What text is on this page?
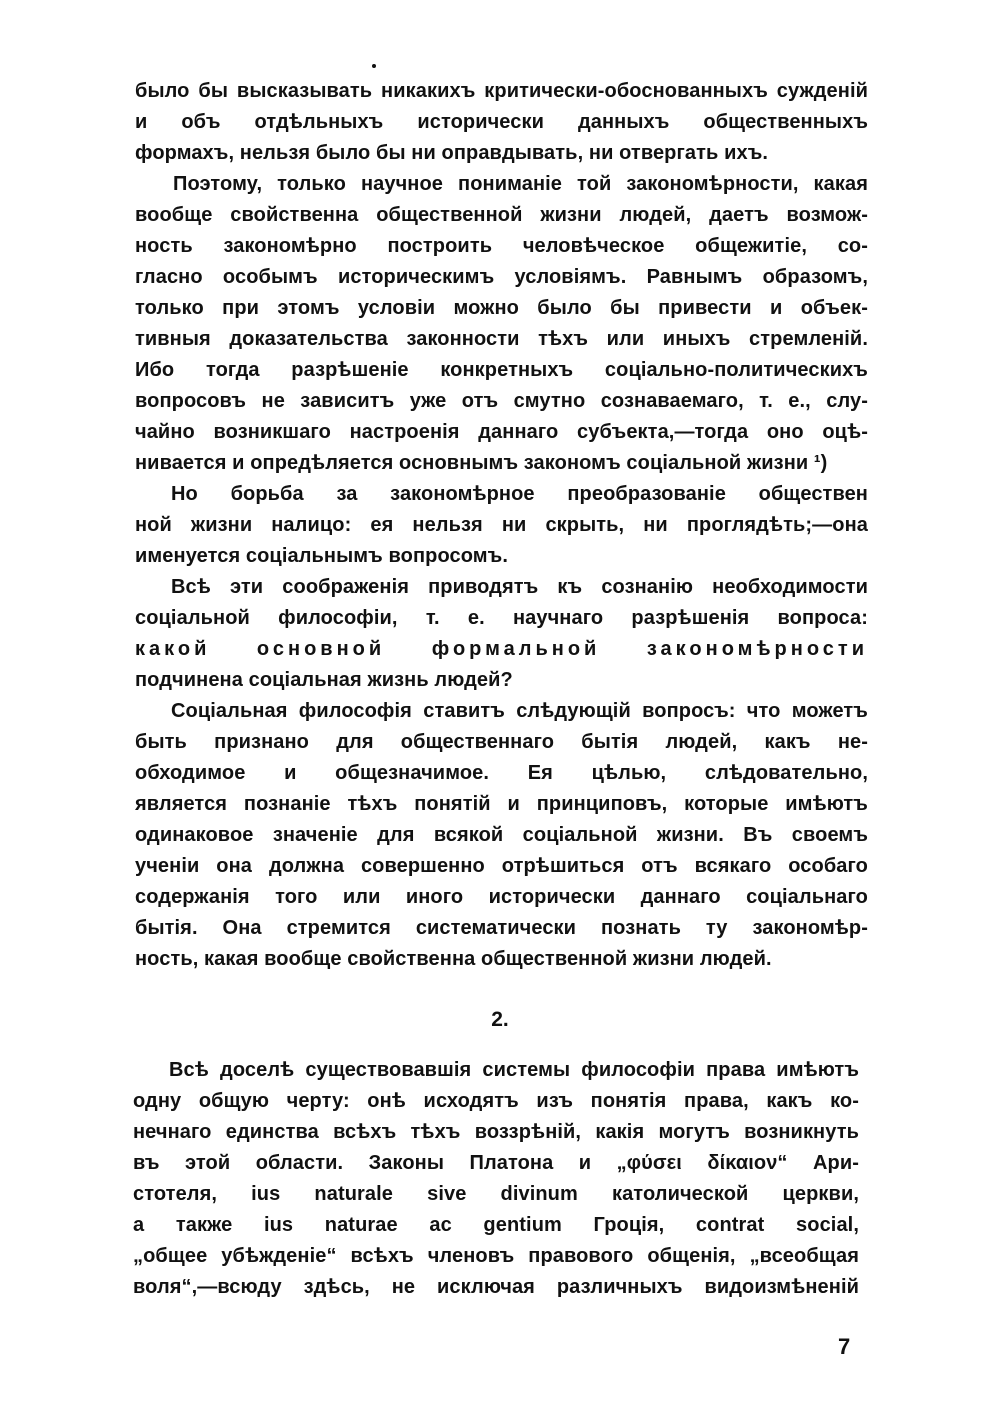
было бы высказывать никакихъ критически-обоснованныхъ сужденій
и объ отдѣльныхъ исторически данныхъ общественныхъ
формахъ, нельзя было бы ни оправдывать, ни отвергать ихъ.
Поэтому, только научное пониманіе той закономѣрности, какая
вообще свойственна общественной жизни людей, даетъ возмож-
ность закономѣрно построить человѣческое общежитіе, со-
гласно особымъ историческимъ условіямъ. Равнымъ образомъ,
только при этомъ условіи можно было бы привести и объек-
тивныя доказательства законности тѣхъ или иныхъ стремленій.
Ибо тогда разрѣшеніе конкретныхъ соціально-политическихъ
вопросовъ не зависитъ уже отъ смутно сознаваемаго, т. е., слу-
чайно возникшаго настроенія даннаго субъекта,—тогда оно оцѣ-
нивается и опредѣляется основнымъ закономъ соціальной жизни ¹)
Но борьба за закономѣрное преобразованіе обществен
ной жизни налицо: ея нельзя ни скрыть, ни проглядѣть;—она
именуется соціальнымъ вопросомъ.
Всѣ эти соображенія приводятъ къ сознанію необходимости
соціальной философіи, т. е. научнаго разрѣшенія вопроса:
какой основной формальной закономѣрности
подчинена соціальная жизнь людей?
Соціальная философія ставитъ слѣдующій вопросъ: что можетъ
быть признано для общественнаго бытія людей, какъ не-
обходимое и общезначимое. Ея цѣлью, слѣдовательно,
является познаніе тѣхъ понятій и принциповъ, которые имѣютъ
одинаковое значеніе для всякой соціальной жизни. Въ своемъ
ученіи она должна совершенно отрѣшиться отъ всякаго особаго
содержанія того или иного исторически даннаго соціальнаго
бытія. Она стремится систематически познать ту закономѣр-
ность, какая вообще свойственна общественной жизни людей.
2.
Всѣ доселѣ существовавшія системы философіи права имѣютъ
одну общую черту: онѣ исходятъ изъ понятія права, какъ ко-
нечнаго единства всѣхъ тѣхъ воззрѣній, какія могутъ возникнуть
въ этой области. Законы Платона и „φύσει δίκαιον“ Ари-
стотеля, ius naturale sive divinum католической церкви,
а также ius naturae ac gentium Гроція, contrat social,
„общее убѣжденіе“ всѣхъ членовъ правового общенія, „всеобщая
воля“,—всюду здѣсь, не исключая различныхъ видоизмѣненій
7
